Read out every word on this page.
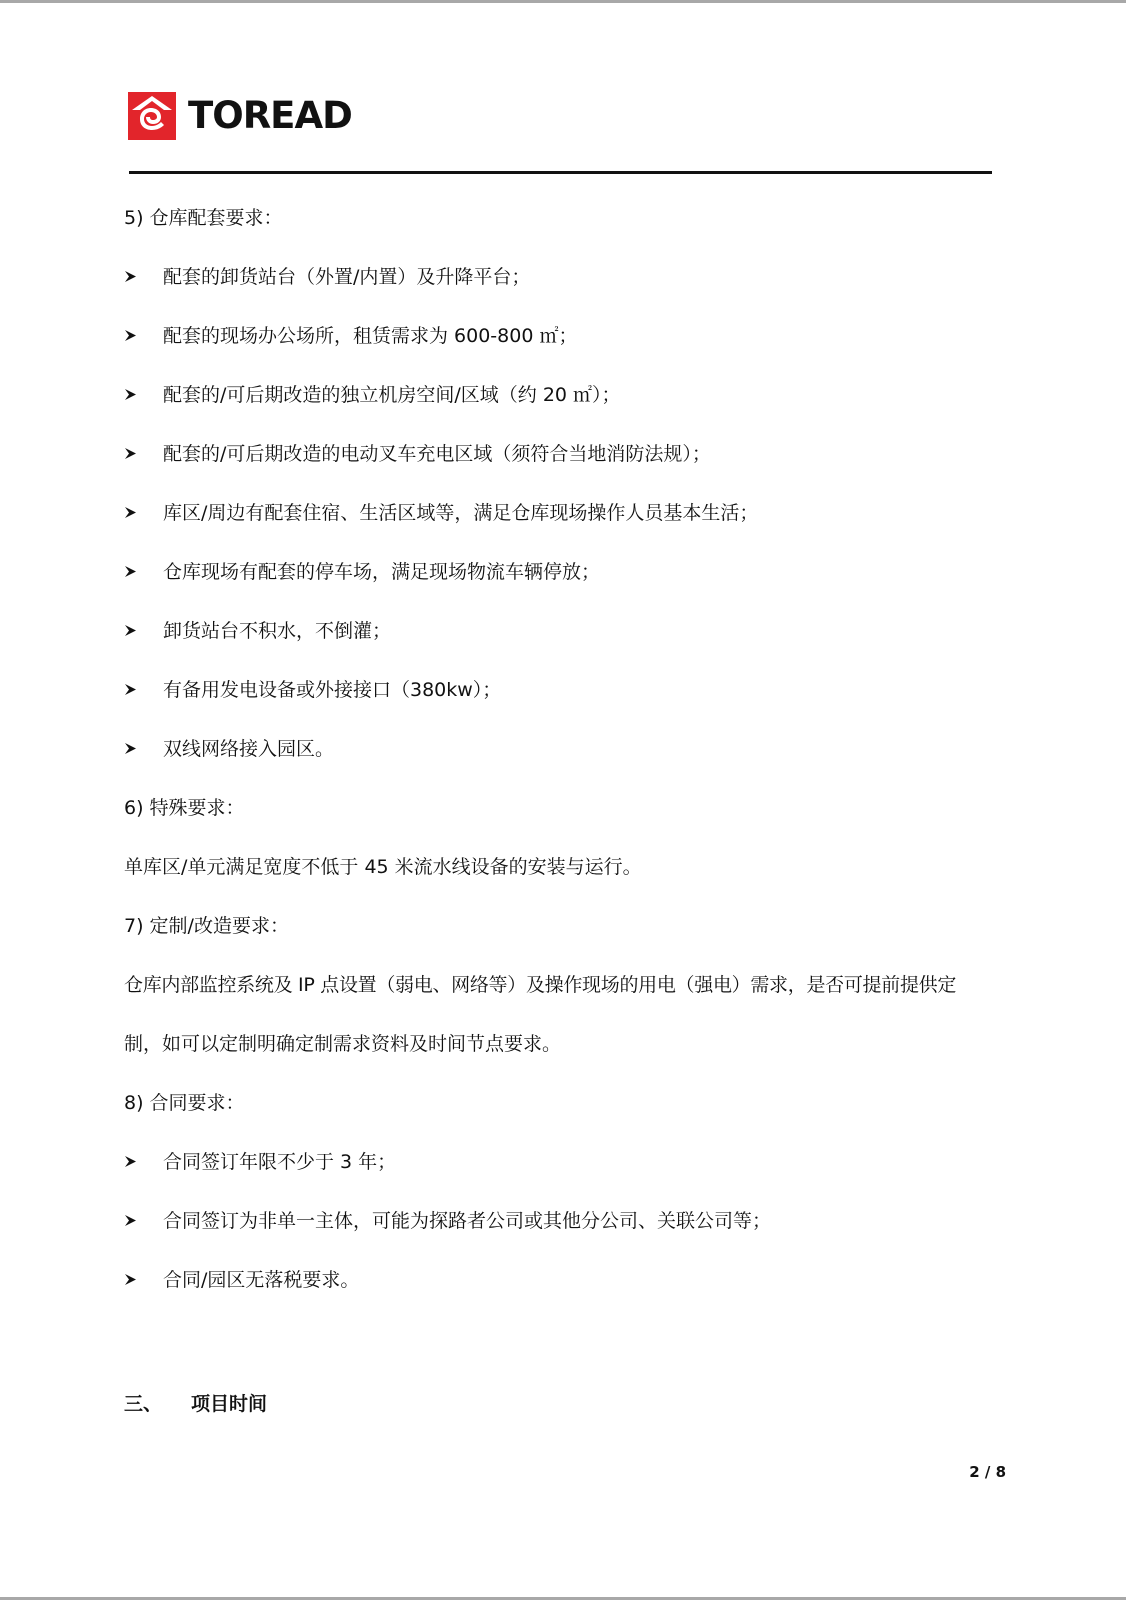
TOREAD
5) 仓库配套要求：
配套的卸货站台（外置/内置）及升降平台；
配套的现场办公场所，租赁需求为 600-800 ㎡；
配套的/可后期改造的独立机房空间/区域（约 20 ㎡）；
配套的/可后期改造的电动叉车充电区域（须符合当地消防法规）；
库区/周边有配套住宿、生活区域等，满足仓库现场操作人员基本生活；
仓库现场有配套的停车场，满足现场物流车辆停放；
卸货站台不积水，不倒灌；
有备用发电设备或外接接口（380kw）；
双线网络接入园区。
6) 特殊要求：
单库区/单元满足宽度不低于 45 米流水线设备的安装与运行。
7) 定制/改造要求：
仓库内部监控系统及 IP 点设置（弱电、网络等）及操作现场的用电（强电）需求，是否可提前提供定
制，如可以定制明确定制需求资料及时间节点要求。
8) 合同要求：
合同签订年限不少于 3 年；
合同签订为非单一主体，可能为探路者公司或其他分公司、关联公司等；
合同/园区无落税要求。
三、 项目时间
2 / 8
